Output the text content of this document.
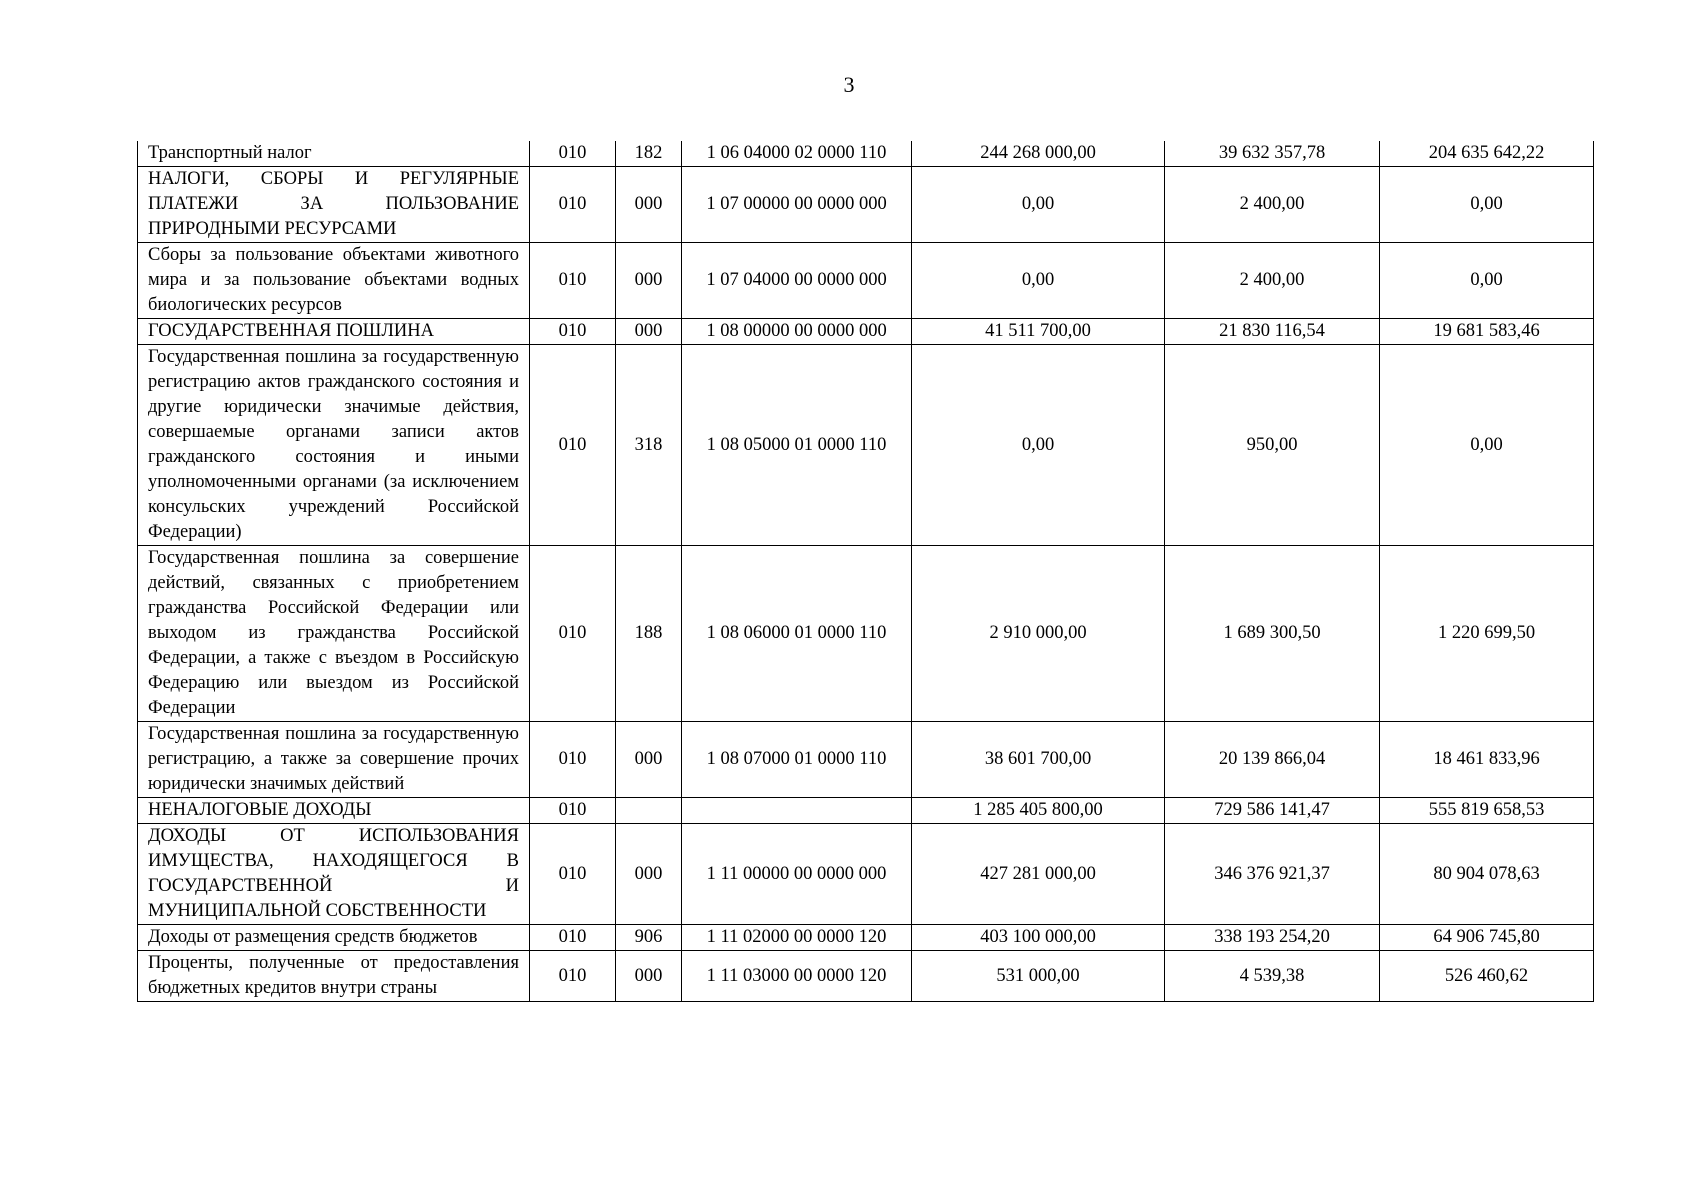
3
Транспортный налог	010	182	1 06 04000 02 0000 110	244 268 000,00	39 632 357,78	204 635 642,22
НАЛОГИ, СБОРЫ И РЕГУЛЯРНЫЕ ПЛАТЕЖИ ЗА ПОЛЬЗОВАНИЕ ПРИРОДНЫМИ РЕСУРСАМИ	010	000	1 07 00000 00 0000 000	0,00	2 400,00	0,00
Сборы за пользование объектами животного мира и за пользование объектами водных биологических ресурсов	010	000	1 07 04000 00 0000 000	0,00	2 400,00	0,00
ГОСУДАРСТВЕННАЯ ПОШЛИНА	010	000	1 08 00000 00 0000 000	41 511 700,00	21 830 116,54	19 681 583,46
Государственная пошлина за государственную регистрацию актов гражданского состояния и другие юридически значимые действия, совершаемые органами записи актов гражданского состояния и иными уполномоченными органами (за исключением консульских учреждений Российской Федерации)	010	318	1 08 05000 01 0000 110	0,00	950,00	0,00
Государственная пошлина за совершение действий, связанных с приобретением гражданства Российской Федерации или выходом из гражданства Российской Федерации, а также с въездом в Российскую Федерацию или выездом из Российской Федерации	010	188	1 08 06000 01 0000 110	2 910 000,00	1 689 300,50	1 220 699,50
Государственная пошлина за государственную регистрацию, а также за совершение прочих юридически значимых действий	010	000	1 08 07000 01 0000 110	38 601 700,00	20 139 866,04	18 461 833,96
НЕНАЛОГОВЫЕ ДОХОДЫ	010			1 285 405 800,00	729 586 141,47	555 819 658,53
ДОХОДЫ ОТ ИСПОЛЬЗОВАНИЯ ИМУЩЕСТВА, НАХОДЯЩЕГОСЯ В ГОСУДАРСТВЕННОЙ И МУНИЦИПАЛЬНОЙ СОБСТВЕННОСТИ	010	000	1 11 00000 00 0000 000	427 281 000,00	346 376 921,37	80 904 078,63
Доходы от размещения средств бюджетов	010	906	1 11 02000 00 0000 120	403 100 000,00	338 193 254,20	64 906 745,80
Проценты, полученные от предоставления бюджетных кредитов внутри страны	010	000	1 11 03000 00 0000 120	531 000,00	4 539,38	526 460,62
